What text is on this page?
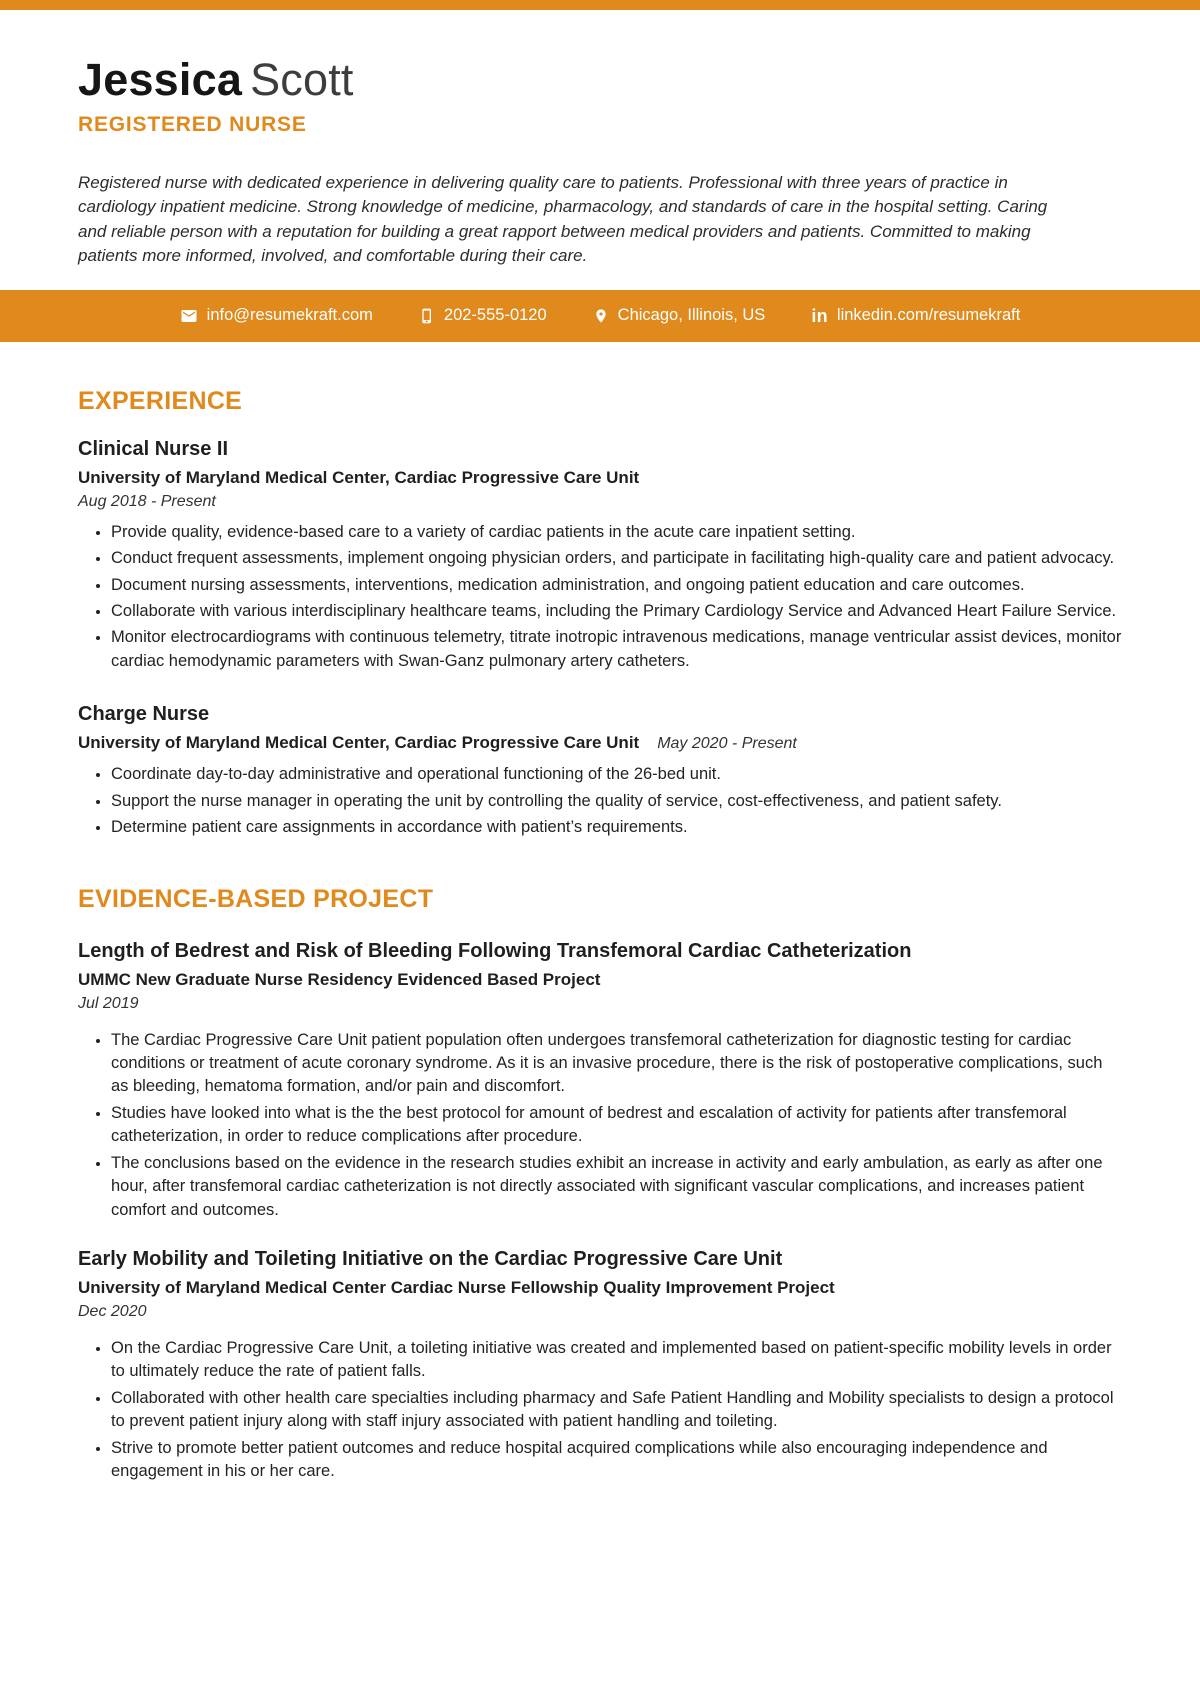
Jessica Scott
REGISTERED NURSE

Registered nurse with dedicated experience in delivering quality care to patients. Professional with three years of practice in cardiology inpatient medicine. Strong knowledge of medicine, pharmacology, and standards of care in the hospital setting. Caring and reliable person with a reputation for building a great rapport between medical providers and patients. Committed to making patients more informed, involved, and comfortable during their care.

info@resumekraft.com	202-555-0120	Chicago, Illinois, US	in linkedin.com/resumekraft
EXPERIENCE
Clinical Nurse II
University of Maryland Medical Center, Cardiac Progressive Care Unit
Aug 2018 - Present
• Provide quality, evidence-based care to a variety of cardiac patients in the acute care inpatient setting.
• Conduct frequent assessments, implement ongoing physician orders, and participate in facilitating high-quality care and patient advocacy.
• Document nursing assessments, interventions, medication administration, and ongoing patient education and care outcomes.
• Collaborate with various interdisciplinary healthcare teams, including the Primary Cardiology Service and Advanced Heart Failure Service.
• Monitor electrocardiograms with continuous telemetry, titrate inotropic intravenous medications, manage ventricular assist devices, monitor cardiac hemodynamic parameters with Swan-Ganz pulmonary artery catheters.
Charge Nurse
University of Maryland Medical Center, Cardiac Progressive Care Unit May 2020 - Present
• Coordinate day-to-day administrative and operational functioning of the 26-bed unit.
• Support the nurse manager in operating the unit by controlling the quality of service, cost-effectiveness, and patient safety.
• Determine patient care assignments in accordance with patient’s requirements.
EVIDENCE-BASED PROJECT
Length of Bedrest and Risk of Bleeding Following Transfemoral Cardiac Catheterization
UMMC New Graduate Nurse Residency Evidenced Based Project
Jul 2019
• The Cardiac Progressive Care Unit patient population often undergoes transfemoral catheterization for diagnostic testing for cardiac conditions or treatment of acute coronary syndrome. As it is an invasive procedure, there is the risk of postoperative complications, such as bleeding, hematoma formation, and/or pain and discomfort.
• Studies have looked into what is the the best protocol for amount of bedrest and escalation of activity for patients after transfemoral catheterization, in order to reduce complications after procedure.
• The conclusions based on the evidence in the research studies exhibit an increase in activity and early ambulation, as early as after one hour, after transfemoral cardiac catheterization is not directly associated with significant vascular complications, and increases patient comfort and outcomes.
Early Mobility and Toileting Initiative on the Cardiac Progressive Care Unit
University of Maryland Medical Center Cardiac Nurse Fellowship Quality Improvement Project
Dec 2020
• On the Cardiac Progressive Care Unit, a toileting initiative was created and implemented based on patient-specific mobility levels in order to ultimately reduce the rate of patient falls.
• Collaborated with other health care specialties including pharmacy and Safe Patient Handling and Mobility specialists to design a protocol to prevent patient injury along with staff injury associated with patient handling and toileting.
• Strive to promote better patient outcomes and reduce hospital acquired complications while also encouraging independence and engagement in his or her care.
